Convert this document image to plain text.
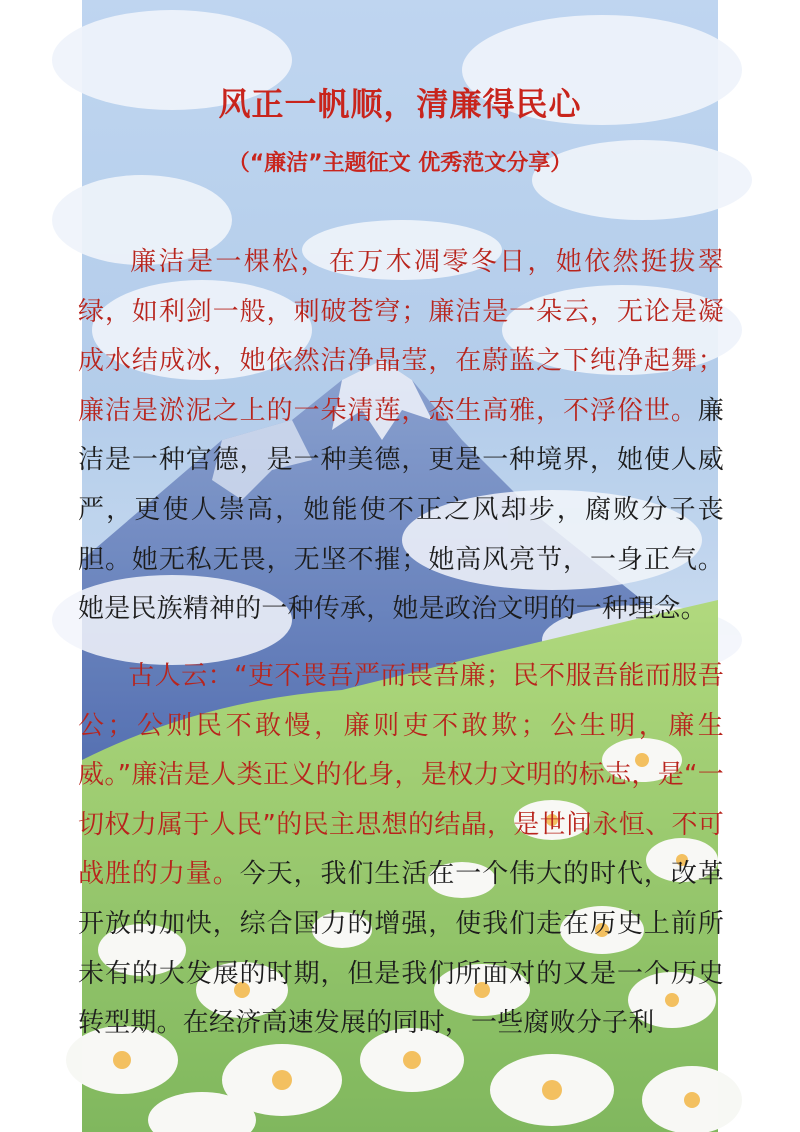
风正一帆顺，清廉得民心
（“廉洁”主题征文 优秀范文分享）

廉洁是一棵松，在万木凋零冬日，她依然挺拔翠绿，如利剑一般，刺破苍穹；廉洁是一朵云，无论是凝成水结成冰，她依然洁净晶莹，在蔚蓝之下纯净起舞；廉洁是淤泥之上的一朵清莲，态生高雅，不浮俗世。廉洁是一种官德，是一种美德，更是一种境界，她使人威严，更使人崇高，她能使不正之风却步，腐败分子丧胆。她无私无畏，无坚不摧；她高风亮节，一身正气。她是民族精神的一种传承，她是政治文明的一种理念。

古人云：“吏不畏吾严而畏吾廉；民不服吾能而服吾公；公则民不敢慢，廉则吏不敢欺；公生明，廉生威。”廉洁是人类正义的化身，是权力文明的标志，是“一切权力属于人民”的民主思想的结晶，是世间永恒、不可战胜的力量。今天，我们生活在一个伟大的时代，改革开放的加快，综合国力的增强，使我们走在历史上前所未有的大发展的时期，但是我们所面对的又是一个历史转型期。在经济高速发展的同时，一些腐败分子利
